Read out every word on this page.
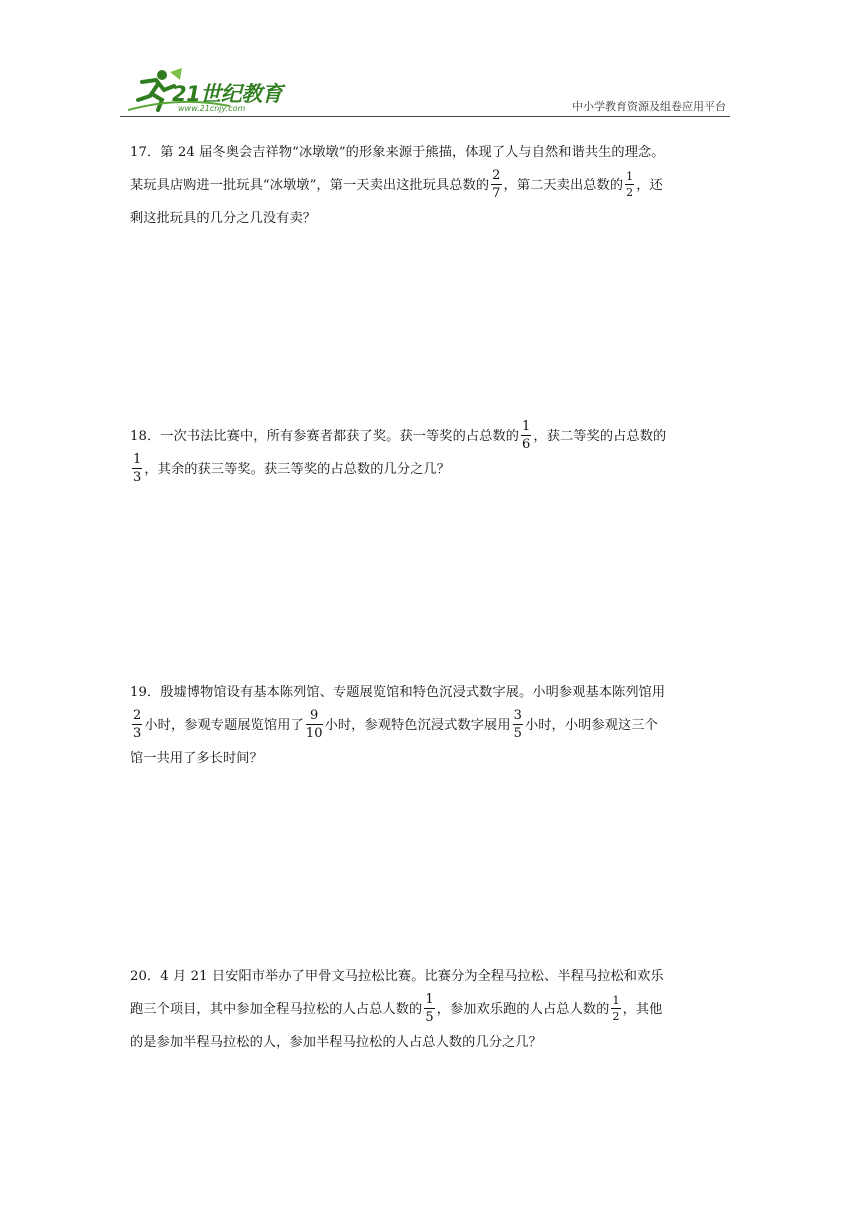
21世纪教育
www.21cnjy.com	中小学教育资源及组卷应用平台
17．第 24 届冬奥会吉祥物“冰墩墩”的形象来源于熊描，体现了人与自然和谐共生的理念。
某玩具店购进一批玩具“冰墩墩”，第一天卖出这批玩具总数的 $\frac{2}{7}$ ，第二天卖出总数的 $\frac{1}{2}$ ，还
剩这批玩具的几分之几没有卖？
18．一次书法比赛中，所有参赛者都获了奖。获一等奖的占总数的 $\frac{1}{6}$ ，获二等奖的占总数的
$\frac{1}{3}$ ，其余的获三等奖。获三等奖的占总数的几分之几？
19．殷墟博物馆设有基本陈列馆、专题展览馆和特色沉浸式数字展。小明参观基本陈列馆用
$\frac{2}{3}$ 小时，参观专题展览馆用了 $\frac{9}{10}$ 小时，参观特色沉浸式数字展用 $\frac{3}{5}$ 小时，小明参观这三个
馆一共用了多长时间？
20．4 月 21 日安阳市举办了甲骨文马拉松比赛。比赛分为全程马拉松、半程马拉松和欢乐
跑三个项目，其中参加全程马拉松的人占总人数的 $\frac{1}{5}$ ，参加欢乐跑的人占总人数的 $\frac{1}{2}$ ，其他
的是参加半程马拉松的人，参加半程马拉松的人占总人数的几分之几？
